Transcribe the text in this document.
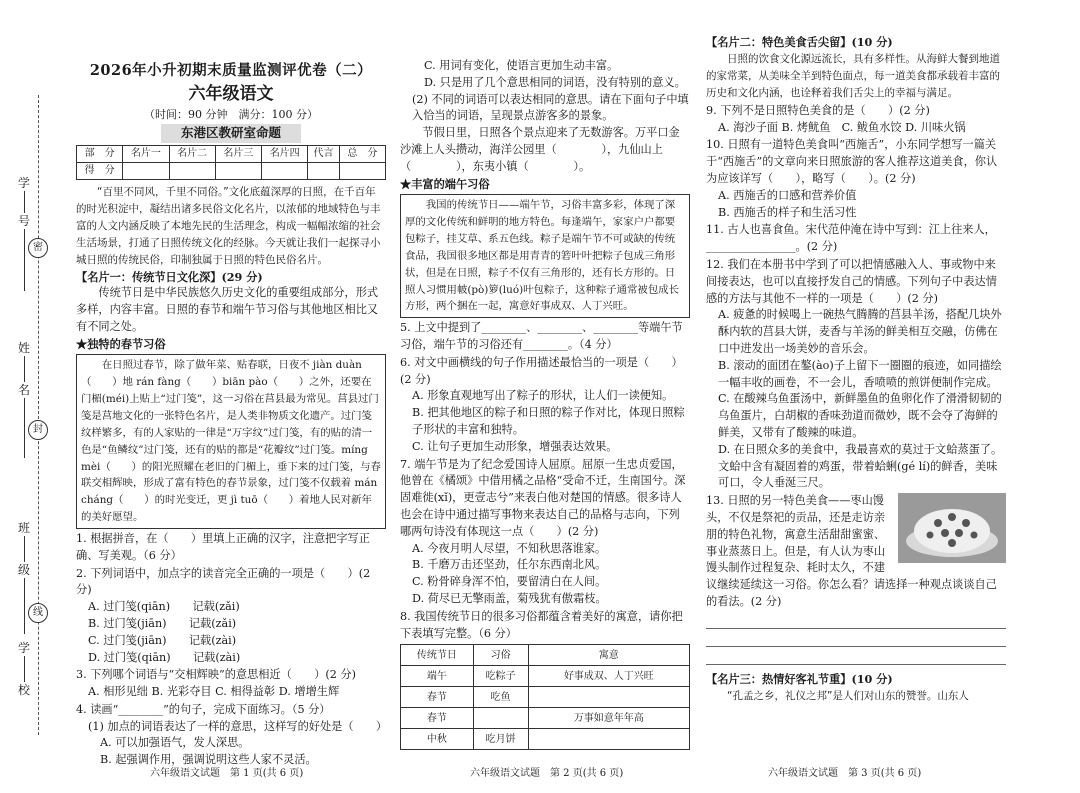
学
号
姓
名
班
级
学
校
密
封
线
2026年小升初期末质量监测评优卷（二）
六年级语文
（时间：90 分钟　满分：100 分）
东港区教研室命题
部　分	名片一	名片二	名片三	名片四	代言	总　分
得　分						
“百里不同风，千里不同俗。”文化底蕴深厚的日照，在千百年的时光积淀中，凝结出诸多民俗文化名片，以浓郁的地域特色与丰富的人文内涵反映了本地先民的生活理念，构成一幅幅浓缩的社会生活场景，打通了日照传统文化的经脉。今天就让我们一起探寻小城日照的传统民俗，印制独属于日照的特色民俗名片。
【名片一：传统节日文化深】(29 分)
传统节日是中华民族悠久历史文化的重要组成部分，形式多样，内容丰富。日照的春节和端午节习俗与其他地区相比又有不同之处。
★独特的春节习俗
在日照过春节，除了做年菜、贴春联，日夜不 jiàn duàn（　　）地 rán fàng（　　）biān pào（　　）之外，还要在门楣(méi)上贴上“过门笺”，这一习俗在莒县最为常见。莒县过门笺是莒地文化的一张特色名片，是人类非物质文化遗产。过门笺纹样繁多，有的人家贴的一律是“万字纹”过门笺，有的贴的清一色是“鱼鳞纹”过门笺，还有的贴的都是“花瓣纹”过门笺。míng mèi（　　）的阳光照耀在老旧的门楣上，垂下来的过门笺，与春联交相辉映，形成了富有特色的春节景象，过门笺不仅载着 mán cháng（　　）的时光变迁，更 jì tuō（　　）着地人民对新年的美好愿望。
1. 根据拼音，在（　　）里填上正确的汉字，注意把字写正确、写美观。（6 分）
2. 下列词语中，加点字的读音完全正确的一项是（　　）(2 分)
A. 过门笺(qiān)　　记载(zǎi)
B. 过门笺(jiān)　　记载(zǎi)
C. 过门笺(jiān)　　记载(zài)
D. 过门笺(qiān)　　记载(zài)
3. 下列哪个词语与“交相辉映”的意思相近（　　）(2 分)
A. 相形见绌 B. 光彩夺目 C. 相得益彰 D. 增增生辉
4. 读画“________”的句子，完成下面练习。（5 分）
(1) 加点的词语表达了一样的意思，这样写的好处是（　　）
A. 可以加强语气，发人深思。
B. 起强调作用，强调说明这些人家不灵活。
六年级语文试题　第 1 页(共 6 页)
C. 用词有变化，使语言更加生动丰富。
D. 只是用了几个意思相同的词语，没有特别的意义。
(2) 不同的词语可以表达相同的意思。请在下面句子中填入恰当的词语，呈现景点游客多的景象。
节假日里，日照各个景点迎来了无数游客。万平口金沙滩上人头攒动，海洋公园里（　　　　），九仙山上（　　　　），东夷小镇（　　　　）。
★丰富的端午习俗
我国的传统节日——端午节，习俗丰富多彩，体现了深厚的文化传统和鲜明的地方特色。每逢端午，家家户户都要包粽子，挂艾草、系五色线。粽子是端午节不可或缺的传统食品，我国很多地区都是用青青的箬叶叶把粽子包成三角形状，但是在日照，粽子不仅有三角形的，还有长方形的。日照人习惯用帔(pò)箩(luó)叶包粽子，这种粽子通常被包成长方形，两个捆在一起，寓意好事成双、人丁兴旺。
5. 上文中提到了________、________、________等端午节习俗，端午节的习俗还有________。（4 分）
6. 对文中画横线的句子作用描述最恰当的一项是（　　）(2 分)
A. 形象直观地写出了粽子的形状，让人们一读便知。
B. 把其他地区的粽子和日照的粽子作对比，体现日照粽子形状的丰富和独特。
C. 让句子更加生动形象，增强表达效果。
7. 端午节是为了纪念爱国诗人屈原。屈原一生忠贞爱国，他曾在《橘颂》中借用橘之品格“受命不迁，生南国兮。深固难徙(xǐ)，更壹志兮”来表白他对楚国的情感。很多诗人也会在诗中通过描写事物来表达自己的品格与志向，下列哪两句诗没有体现这一点（　　）(2 分)
A. 今夜月明人尽望，不知秋思落谁家。
B. 千磨万击还坚劲，任尔东西南北风。
C. 粉骨碎身浑不怕，要留清白在人间。
D. 荷尽已无擎雨盖，菊残犹有傲霜枝。
8. 我国传统节日的很多习俗都蕴含着美好的寓意，请你把下表填写完整。（6 分）
传统节日	习俗	寓意
端午	吃粽子	好事成双、人丁兴旺
春节	吃鱼	
春节		万事如意年年高
中秋	吃月饼	
六年级语文试题　第 2 页(共 6 页)
【名片二：特色美食舌尖留】(10 分)
日照的饮食文化源远流长，具有多样性。从海鲜大餐到地道的家常菜，从美味全羊到特色面点，每一道美食都承载着丰富的历史和文化内涵，也诠释着我们舌尖上的幸福与满足。
9. 下列不是日照特色美食的是（　　）(2 分)
A. 海沙子面 B. 烤鱿鱼　C. 鲅鱼水饺 D. 川味火锅
10. 日照有一道特色美食叫“西施舌”，小东同学想写一篇关于“西施舌”的文章向来日照旅游的客人推荐这道美食，你认为应该详写（　　），略写（　　）。(2 分)
A. 西施舌的口感和营养价值
B. 西施舌的样子和生活习性
11. 古人也喜食鱼。宋代范仲淹在诗中写到：江上往来人，________________。(2 分)
12. 我们在本册书中学到了可以把情感融入人、事或物中来间接表达，也可以直接抒发自己的情感。下列句子中表达情感的方法与其他不一样的一项是（　　）(2 分)
A. 疲惫的时候喝上一碗热气腾腾的莒县羊汤，搭配几块外酥内软的莒县大饼，麦香与羊汤的鲜美相互交融，仿佛在口中进发出一场美妙的音乐会。
B. 滚动的面团在鏊(ào)子上留下一圈圈的痕迹，如同描绘一幅丰收的画卷，不一会儿，香喷喷的煎饼便制作完成。
C. 在酸辣乌鱼蛋汤中，新鲜墨鱼的鱼卵化作了滑滑韧韧的乌鱼蛋片，白胡椒的香味劲道而微妙，既不会夺了海鲜的鲜美，又带有了酸辣的味道。
D. 在日照众多的美食中，我最喜欢的莫过于文蛤蒸蛋了。文蛤中含有凝固着的鸡蛋，带着蛤蜊(gé lí)的鲜香，美味可口，令人垂涎三尺。
13. 日照的另一特色美食——枣山馒头，不仅是祭祀的贡品，还是走访亲朋的特色礼物，寓意生活甜甜蜜蜜、事业蒸蒸日上。但是，有人认为枣山馒头制作过程复杂、耗时太久，不建议继续延续这一习俗。你怎么看？请选择一种观点谈谈自己的看法。(2 分)
【名片三：热情好客礼节重】(10 分)
“孔孟之乡，礼仪之邦”是人们对山东的赞誉。山东人
六年级语文试题　第 3 页(共 6 页)
